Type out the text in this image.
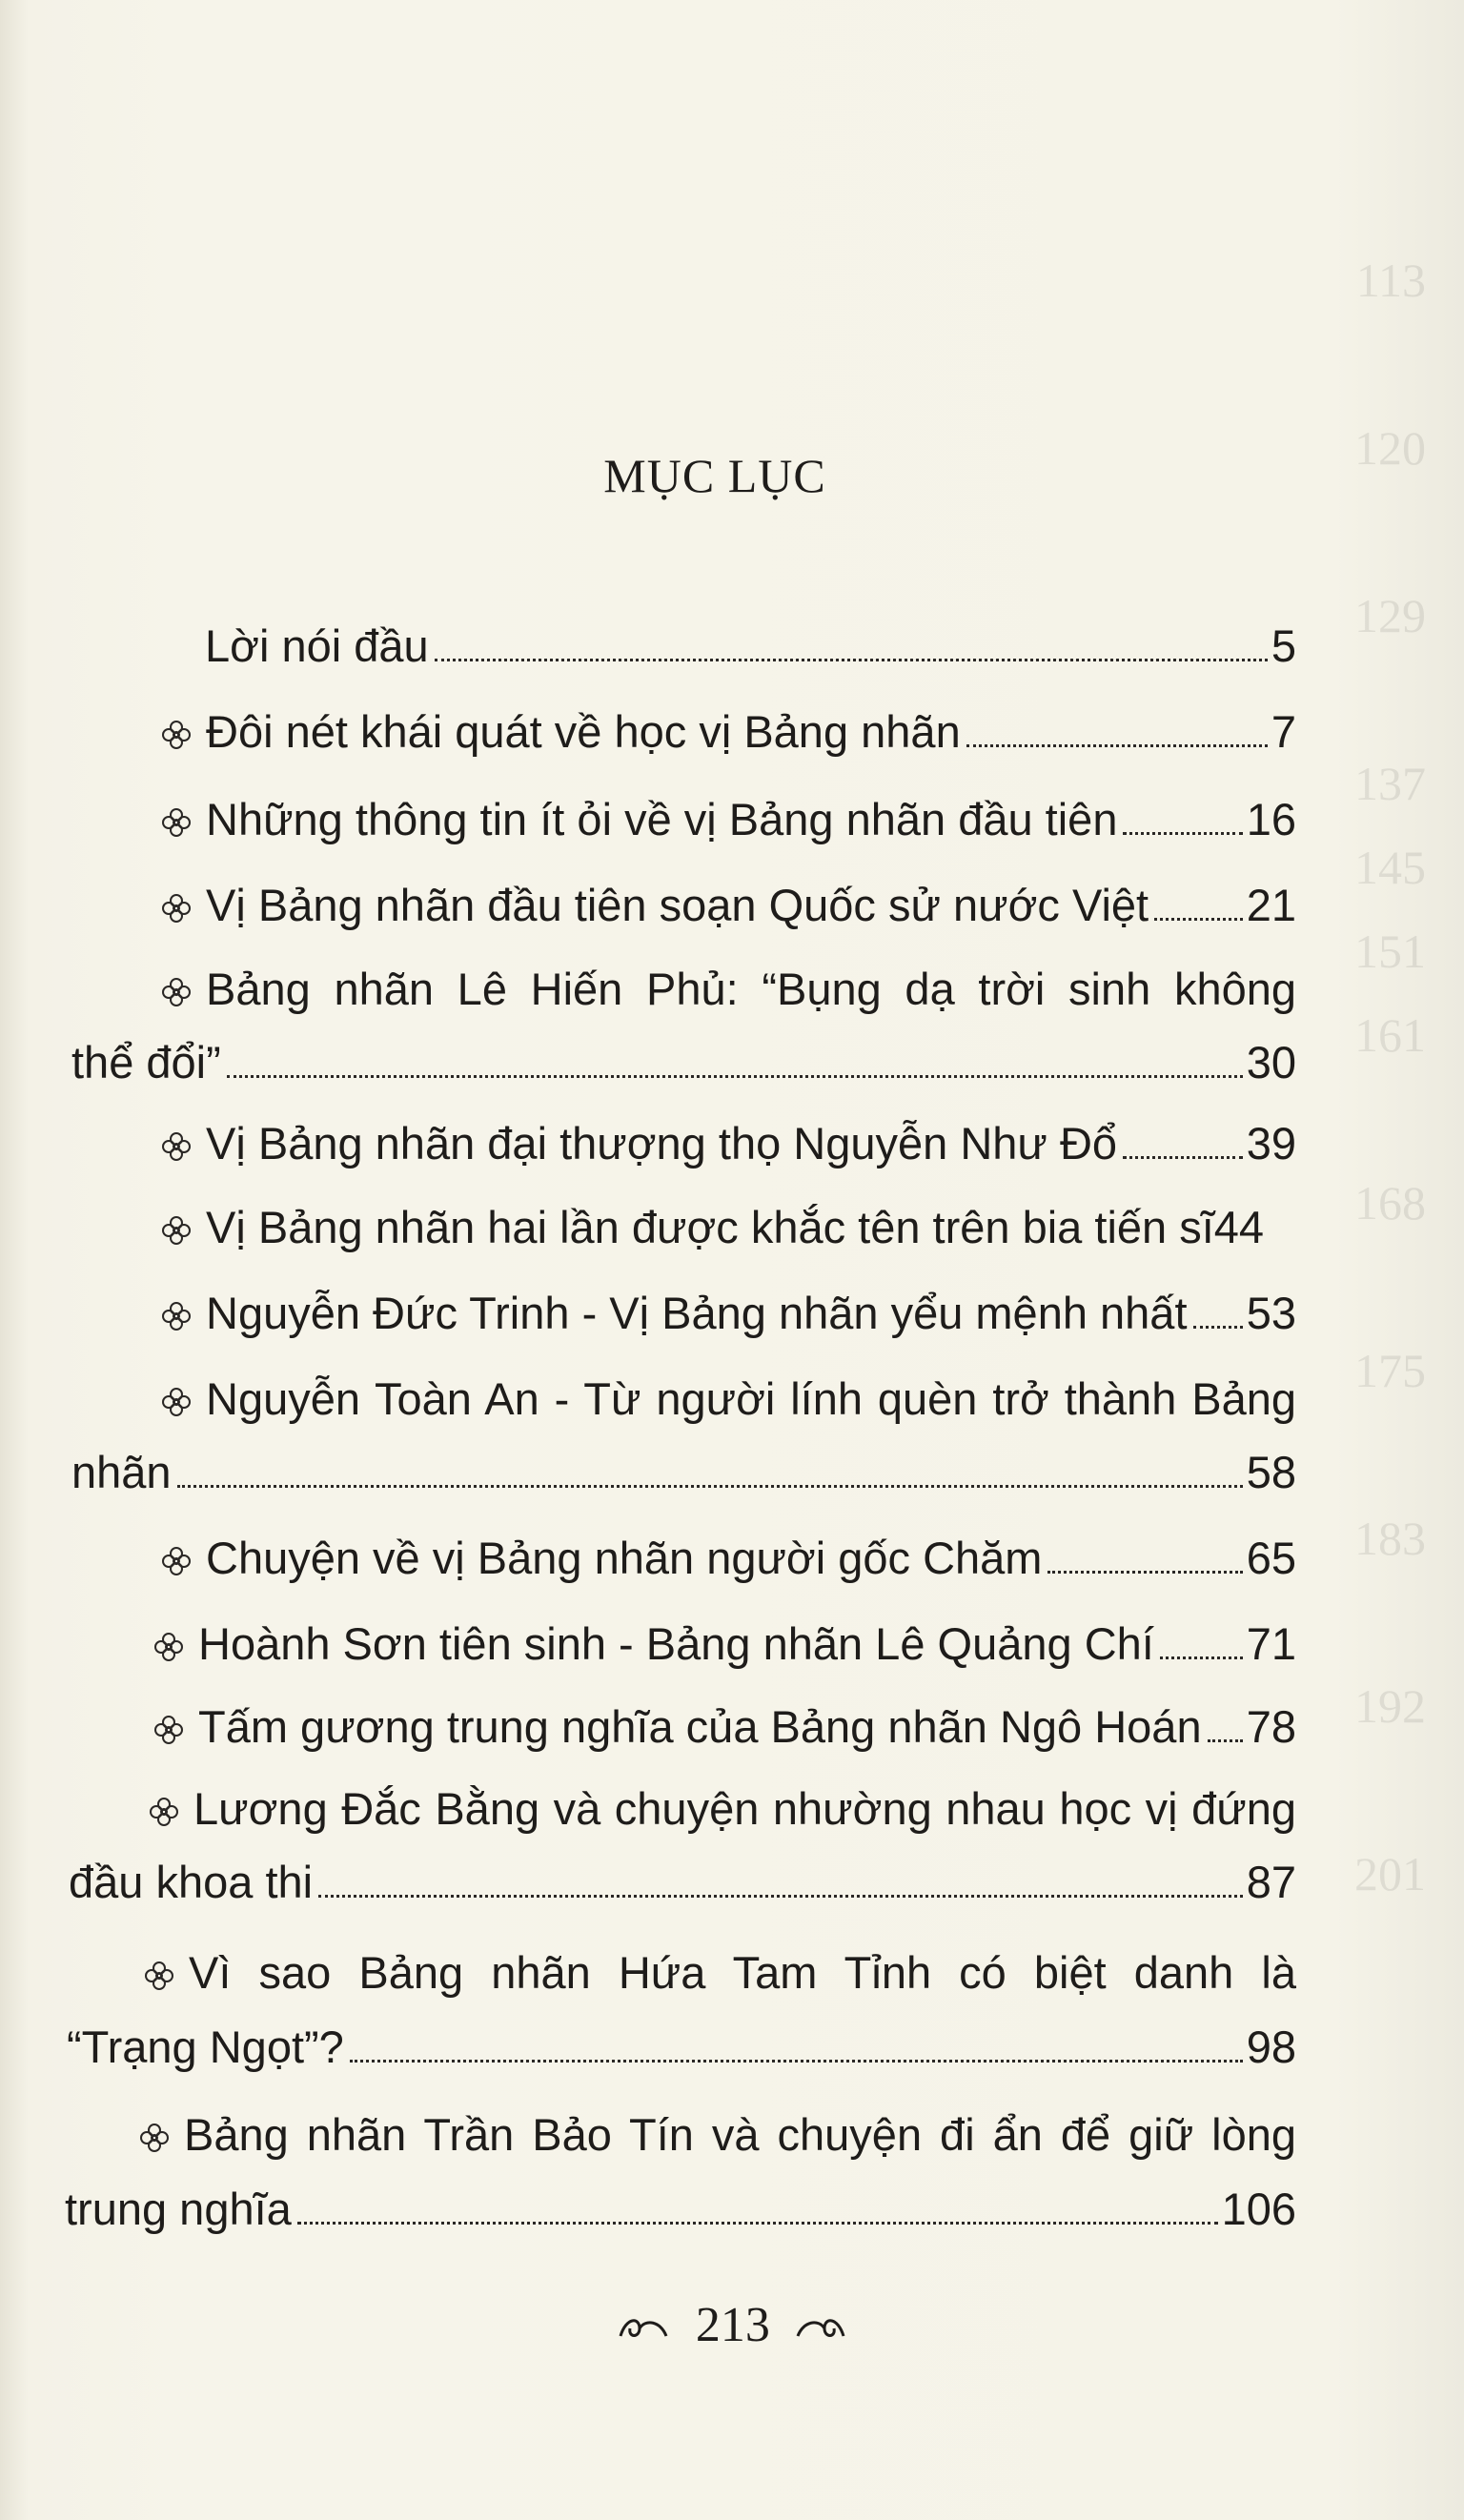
113

120

129

137
145
151
161

168

175

183

192

201
MỤC LỤC
Lời nói đầu	5
Đôi nét khái quát về học vị Bảng nhãn	7
Những thông tin ít ỏi về vị Bảng nhãn đầu tiên	16
Vị Bảng nhãn đầu tiên soạn Quốc sử nước Việt 21
Bảng nhãn Lê Hiến Phủ: “Bụng dạ trời sinh không
thể đổi”	30
Vị Bảng nhãn đại thượng thọ Nguyễn Như Đổ	39
Vị Bảng nhãn hai lần được khắc tên trên bia tiến sĩ 44
Nguyễn Đức Trinh - Vị Bảng nhãn yểu mệnh nhất 53
Nguyễn Toàn An - Từ người lính quèn trở thành Bảng
nhãn	58
Chuyện về vị Bảng nhãn người gốc Chăm	65
Hoành Sơn tiên sinh - Bảng nhãn Lê Quảng Chí 71
Tấm gương trung nghĩa của Bảng nhãn Ngô Hoán 78
Lương Đắc Bằng và chuyện nhường nhau học vị đứng
đầu khoa thi	87
Vì sao Bảng nhãn Hứa Tam Tỉnh có biệt danh là
“Trạng Ngọt”?	98
Bảng nhãn Trần Bảo Tín và chuyện đi ẩn để giữ lòng
trung nghĩa	106
213
